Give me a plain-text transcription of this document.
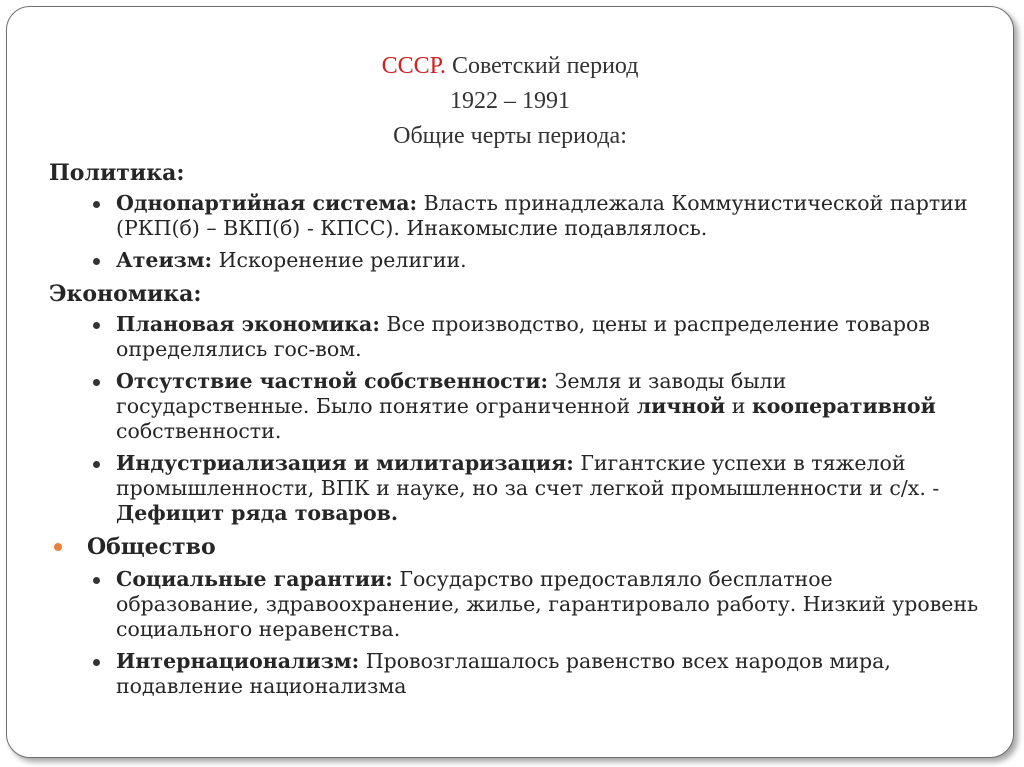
СССР. Советский период
1922 – 1991
Общие черты периода:
Политика:
Однопартийная система: Власть принадлежала Коммунистической партии (РКП(б) – ВКП(б) - КПСС). Инакомыслие подавлялось.
Атеизм: Искоренение религии.
Экономика:
Плановая экономика: Все производство, цены и распределение товаров определялись гос-вом.
Отсутствие частной собственности: Земля и заводы были государственные. Было понятие ограниченной личной и кооперативной собственности.
Индустриализация и милитаризация: Гигантские успехи в тяжелой промышленности, ВПК и науке, но за счет легкой промышленности и с/х. - Дефицит ряда товаров.
Общество
Социальные гарантии: Государство предоставляло бесплатное образование, здравоохранение, жилье, гарантировало работу. Низкий уровень социального неравенства.
Интернационализм: Провозглашалось равенство всех народов мира, подавление национализма
